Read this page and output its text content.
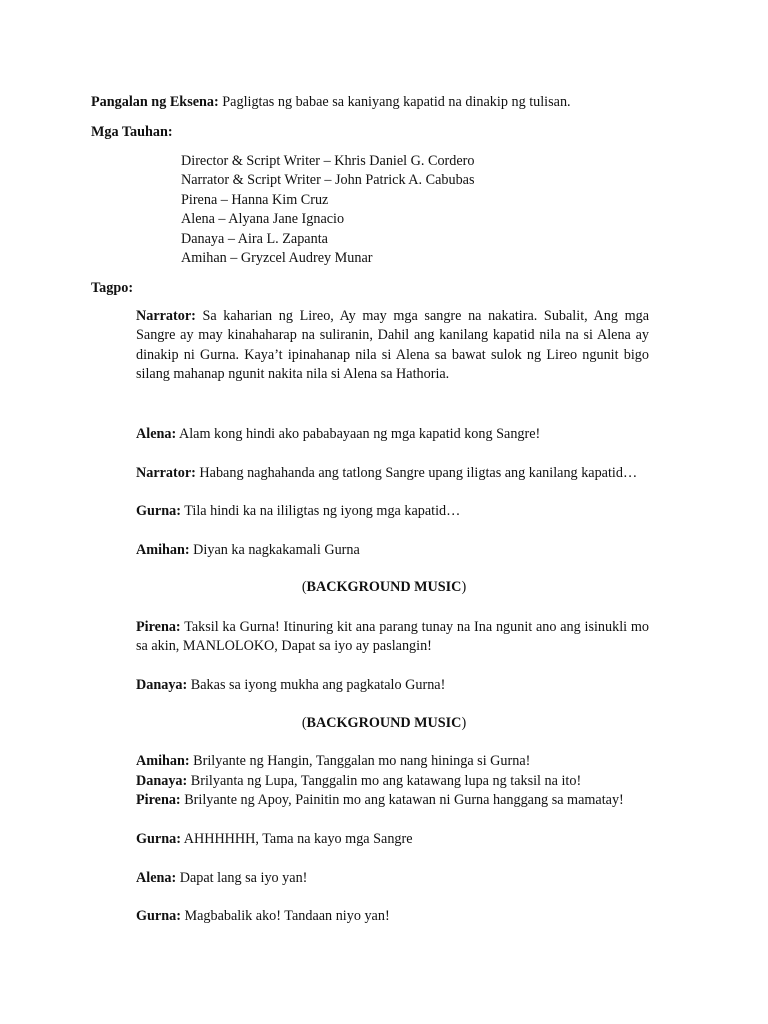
Pangalan ng Eksena: Pagligtas ng babae sa kaniyang kapatid na dinakip ng tulisan.
Mga Tauhan:
Director & Script Writer – Khris Daniel G. Cordero
Narrator & Script Writer – John Patrick A. Cabubas
Pirena – Hanna Kim Cruz
Alena – Alyana Jane Ignacio
Danaya – Aira L. Zapanta
Amihan – Gryzcel Audrey Munar
Tagpo:
Narrator: Sa kaharian ng Lireo, Ay may mga sangre na nakatira. Subalit, Ang mga Sangre ay may kinahaharap na suliranin, Dahil ang kanilang kapatid nila na si Alena ay dinakip ni Gurna. Kaya’t ipinahanap nila si Alena sa bawat sulok ng Lireo ngunit bigo silang mahanap ngunit nakita nila si Alena sa Hathoria.
Alena: Alam kong hindi ako pababayaan ng mga kapatid kong Sangre!
Narrator: Habang naghahanda ang tatlong Sangre upang iligtas ang kanilang kapatid…
Gurna: Tila hindi ka na ililigtas ng iyong mga kapatid…
Amihan: Diyan ka nagkakamali Gurna
(BACKGROUND MUSIC)
Pirena: Taksil ka Gurna! Itinuring kit ana parang tunay na Ina ngunit ano ang isinukli mo sa akin, MANLOLOKO, Dapat sa iyo ay paslangin!
Danaya: Bakas sa iyong mukha ang pagkatalo Gurna!
(BACKGROUND MUSIC)
Amihan: Brilyante ng Hangin, Tanggalan mo nang hininga si Gurna!
Danaya: Brilyanta ng Lupa, Tanggalin mo ang katawang lupa ng taksil na ito!
Pirena: Brilyante ng Apoy, Painitin mo ang katawan ni Gurna hanggang sa mamatay!
Gurna: AHHHHHH, Tama na kayo mga Sangre
Alena: Dapat lang sa iyo yan!
Gurna: Magbabalik ako! Tandaan niyo yan!
